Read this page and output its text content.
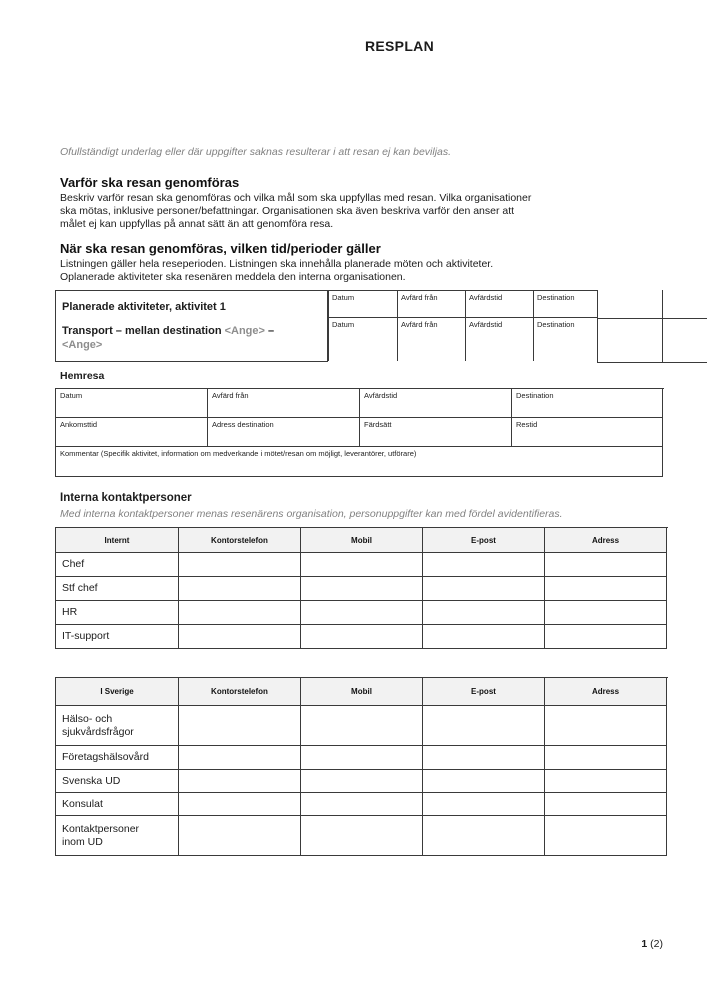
RESPLAN
Ofullständigt underlag eller där uppgifter saknas resulterar i att resan ej kan beviljas.
Varför ska resan genomföras
Beskriv varför resan ska genomföras och vilka mål som ska uppfyllas med resan. Vilka organisationer
ska mötas, inklusive personer/befattningar. Organisationen ska även beskriva varför den anser att
målet ej kan uppfyllas på annat sätt än att genomföra resa.
När ska resan genomföras, vilken tid/perioder gäller
Listningen gäller hela reseperioden. Listningen ska innehålla planerade möten och aktiviteter.
Oplanerade aktiviteter ska resenären meddela den interna organisationen.
Planerade aktiviteter, aktivitet 1
Transport – mellan destination <Ange> –
<Ange>
Datum	Avfärd från	Avfärdstid	Destination
Datum	Avfärd från	Avfärdstid	Destination
Hemresa
Datum	Avfärd från	Avfärdstid	Destination
Ankomsttid	Adress destination	Färdsätt	Restid
Kommentar (Specifik aktivitet, information om medverkande i mötet/resan om möjligt, leverantörer, utförare)
Interna kontaktpersoner
Med interna kontaktpersoner menas resenärens organisation, personuppgifter kan med fördel avidentifieras.
Internt	Kontorstelefon	Mobil	E-post	Adress
Chef
Stf chef
HR
IT-support
I Sverige	Kontorstelefon	Mobil	E-post	Adress
Hälso- och sjukvårdsfrågor
Företagshälsovård
Svenska UD
Konsulat
Kontaktpersoner inom UD
1 (2)
